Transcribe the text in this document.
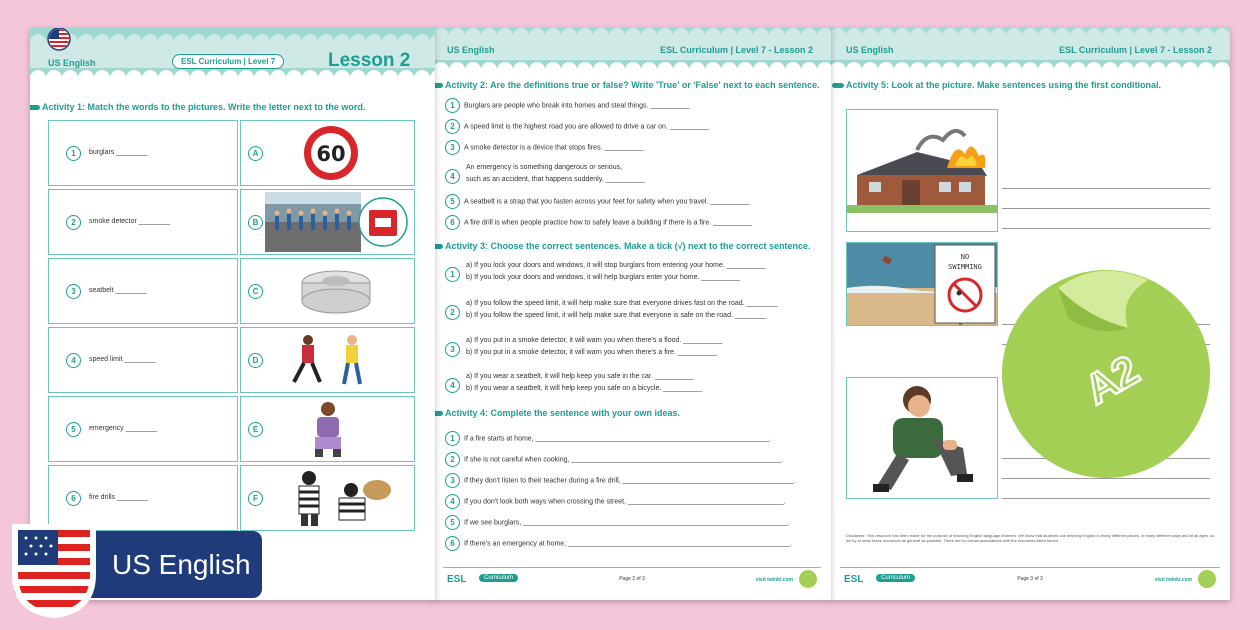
US English	ESL Curriculum | Level 7	Lesson 2
Activity 1: Match the words to the pictures. Write the letter next to the word.
1	burglars ________
2	smoke detector ________
3	seatbelt ________
4	speed limit ________
5	emergency ________
6	fire drills ________
A	60
B
C
D
E
F
US English	ESL Curriculum | Level 7 - Lesson 2
Activity 2: Are the definitions true or false? Write 'True' or 'False' next to each sentence.
1 Burglars are people who break into homes and steal things. __________
2 A speed limit is the highest road you are allowed to drive a car on. __________
3 A smoke detector is a device that stops fires. __________
4
An emergency is something dangerous or serious,
such as an accident, that happens suddenly. __________
5 A seatbelt is a strap that you fasten across your feet for safety when you travel. __________
6 A fire drill is when people practice how to safely leave a building if there is a fire. __________
Activity 3: Choose the correct sentences. Make a tick (√) next to the correct sentence.
1
a) If you lock your doors and windows, it will stop burglars from entering your home. __________
b) If you lock your doors and windows, it will help burglars enter your home. __________
2
a) If you follow the speed limit, it will help make sure that everyone drives fast on the road. ________
b) If you follow the speed limit, it will help make sure that everyone is safe on the road. ________
3
a) If you put in a smoke detector, it will warn you when there's a flood. __________
b) If you put in a smoke detector, it will warn you when there's a fire. __________
4
a) If you wear a seatbelt, it will help keep you safe in the car. __________
b) If you wear a seatbelt, it will help keep you safe on a bicycle. __________
Activity 4: Complete the sentence with your own ideas.
1 If a fire starts at home, ____________________________________________________________.
2 If she is not careful when cooking, ______________________________________________________.
3 If they don't listen to their teacher during a fire drill, ____________________________________________.
4 If you don't look both ways when crossing the street, ________________________________________.
5 If we see burglars, ____________________________________________________________________.
6 If there's an emergency at home, _________________________________________________________.
ESL	Curriculum	Page 2 of 3	visit twinkl.com
US English	ESL Curriculum | Level 7 - Lesson 2
Activity 5: Look at the picture. Make sentences using the first conditional.
NO
SWIMMING
Disclaimer: This resource has been made for the purpose of teaching English language learners. We know that students use learning English in many different places, in many different ways and at all ages, so we try to keep these resources as general as possible. There are no formal associations with the resources listed herein.
ESL	Curriculum	Page 3 of 3	visit twinkl.com
A2
US English
